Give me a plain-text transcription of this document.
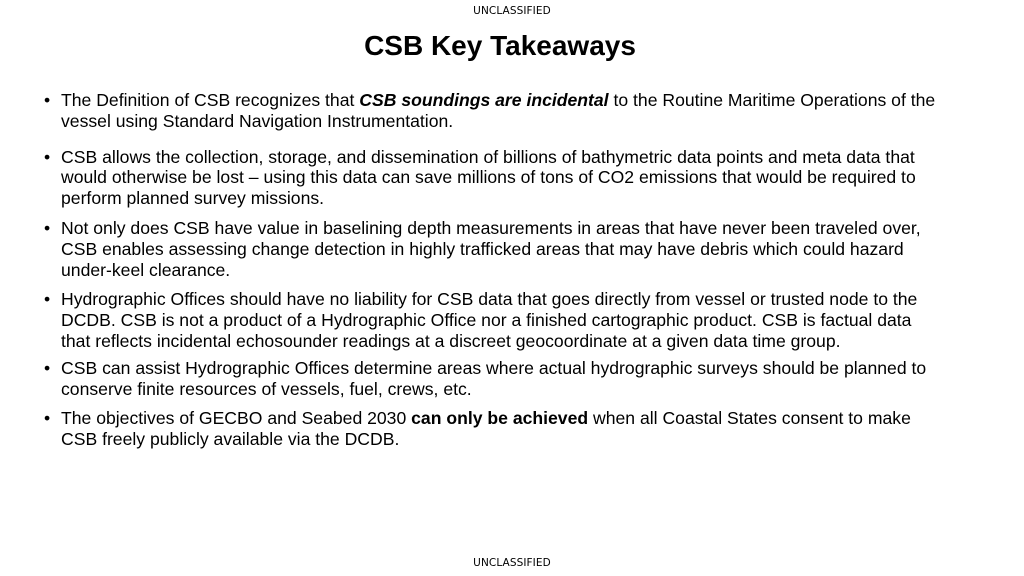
UNCLASSIFIED
CSB Key Takeaways
• The Definition of CSB recognizes that CSB soundings are incidental to the Routine Maritime Operations of the vessel using Standard Navigation Instrumentation.
• CSB allows the collection, storage, and dissemination of billions of bathymetric data points and meta data that would otherwise be lost – using this data can save millions of tons of CO2 emissions that would be required to perform planned survey missions.
• Not only does CSB have value in baselining depth measurements in areas that have never been traveled over, CSB enables assessing change detection in highly trafficked areas that may have debris which could hazard under-keel clearance.
• Hydrographic Offices should have no liability for CSB data that goes directly from vessel or trusted node to the DCDB. CSB is not a product of a Hydrographic Office nor a finished cartographic product. CSB is factual data that reflects incidental echosounder readings at a discreet geocoordinate at a given data time group.
• CSB can assist Hydrographic Offices determine areas where actual hydrographic surveys should be planned to conserve finite resources of vessels, fuel, crews, etc.
• The objectives of GECBO and Seabed 2030 can only be achieved when all Coastal States consent to make CSB freely publicly available via the DCDB.
UNCLASSIFIED
